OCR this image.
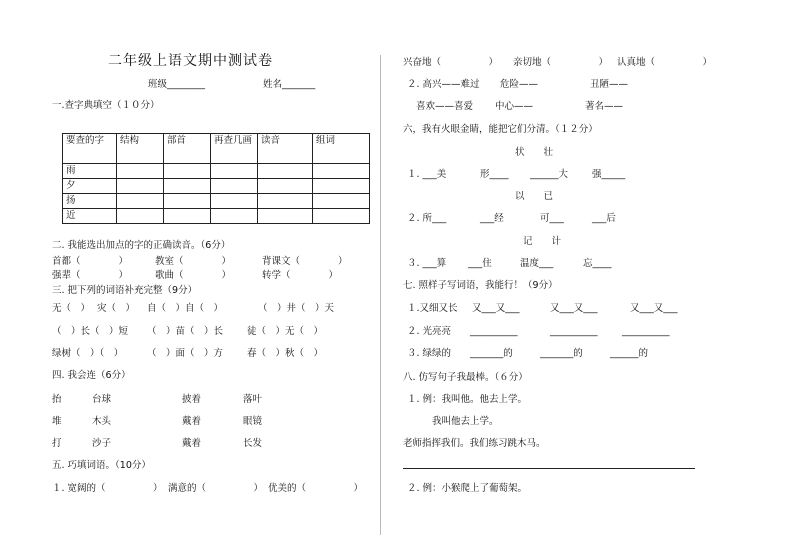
二年级上语文期中测试卷
班级________	姓名_______
一.查字典填空（１０分）
要查的字	结构	部首	再查几画	读音	组词
雨					
夕					
扬					
近					
二. 我能选出加点的字的正确读音。（6分）
首都（　　　　）	教室（　　　　）	背课文（　　　　）
强辈（　　　　）	歌曲（　　　　）	转学（　　　　）
三. 把下列的词语补充完整（9分）
无（　） 灾（　） 自（　）自（　）	（　）井（　）天
（　）长（　）短 （　）苗（　）长	徒（　）无（　）
绿树（　）（　） （　）面（　）方	春（　）秋（　）
四. 我会连（6分）
抬
堆
打
台球
木头
沙子
披着
戴着
戴着
落叶
眼镜
长发
五. 巧填词语。（10分）
１. 宽阔的（　　　　　） 满意的（　　　　　） 优美的（　　　　　）
兴奋地（　　　　　） 亲切地（　　　　　） 认真地（　　　　　）
２. 高兴——难过 危险——	丑陋——
喜欢——喜爱 中心——	著名——
六，我有火眼金睛，能把它们分清。（１２分）
状　　壮
１. ___美	形____ ______大	强_____
以　　已
２. 所___	___经	可___	___后
记　　计
３. ___算 ___住	温度___	忘____
七. 照样子写词语，我能行！（9分）
１.又细又长 又___又___	又___又___	又___又___
２. 光亮亮 __________	__________	__________
３. 绿绿的 _______的	_______的	______的
八. 仿写句子我最棒。（６分）
１. 例：我叫他。他去上学。
我叫他去上学。
老师指挥我们。我们练习跳木马。
２. 例：小猴爬上了葡萄架。
